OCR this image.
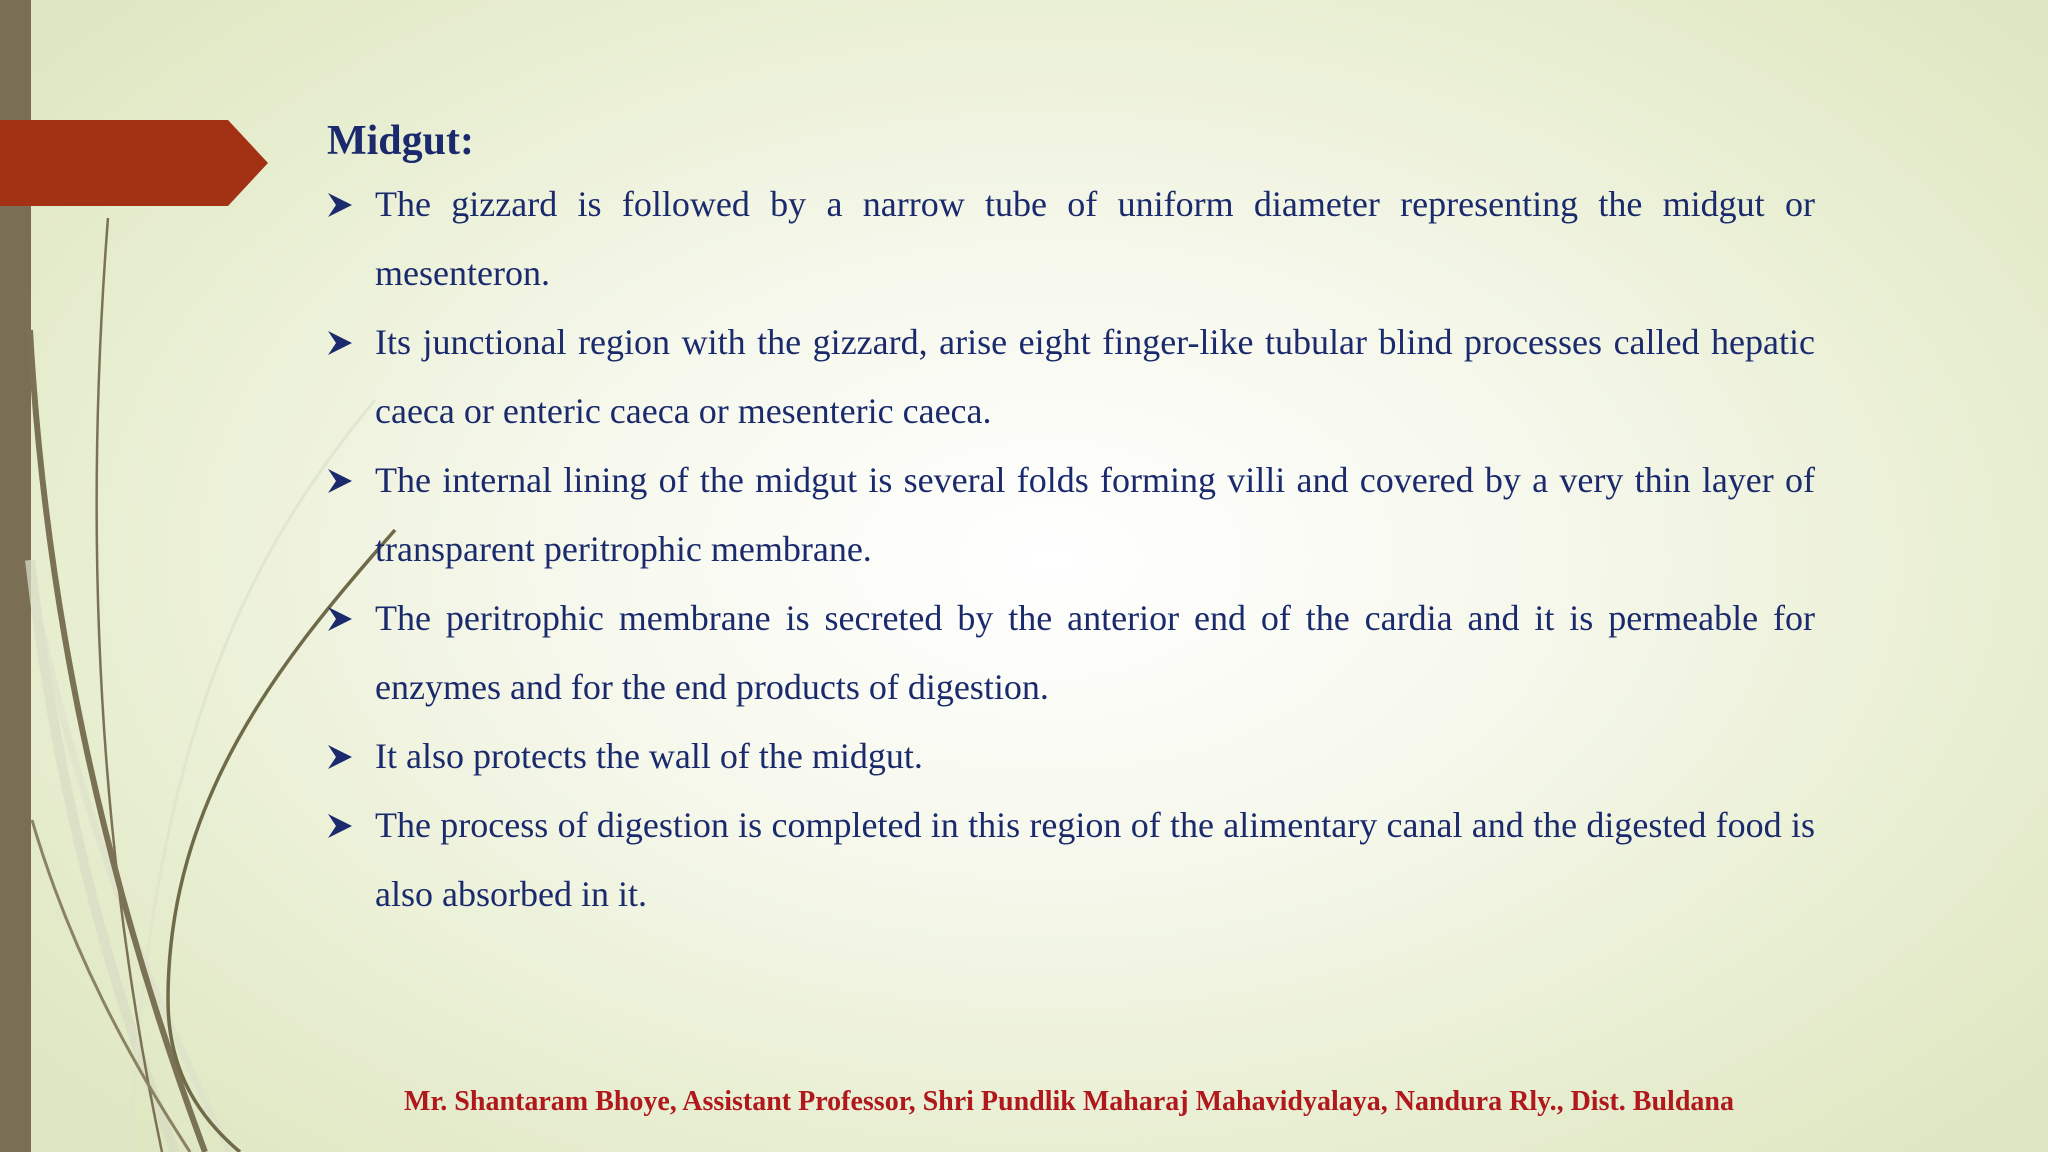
Midgut:
The gizzard is followed by a narrow tube of uniform diameter representing the midgut or mesenteron.
Its junctional region with the gizzard, arise eight finger-like tubular blind processes called hepatic caeca or enteric caeca or mesenteric caeca.
The internal lining of the midgut is several folds forming villi and covered by a very thin layer of transparent peritrophic membrane.
The peritrophic membrane is secreted by the anterior end of the cardia and it is permeable for enzymes and for the end products of digestion.
It also protects the wall of the midgut.
The process of digestion is completed in this region of the alimentary canal and the digested food is also absorbed in it.
Mr. Shantaram Bhoye, Assistant Professor, Shri Pundlik Maharaj Mahavidyalaya, Nandura Rly., Dist. Buldana
